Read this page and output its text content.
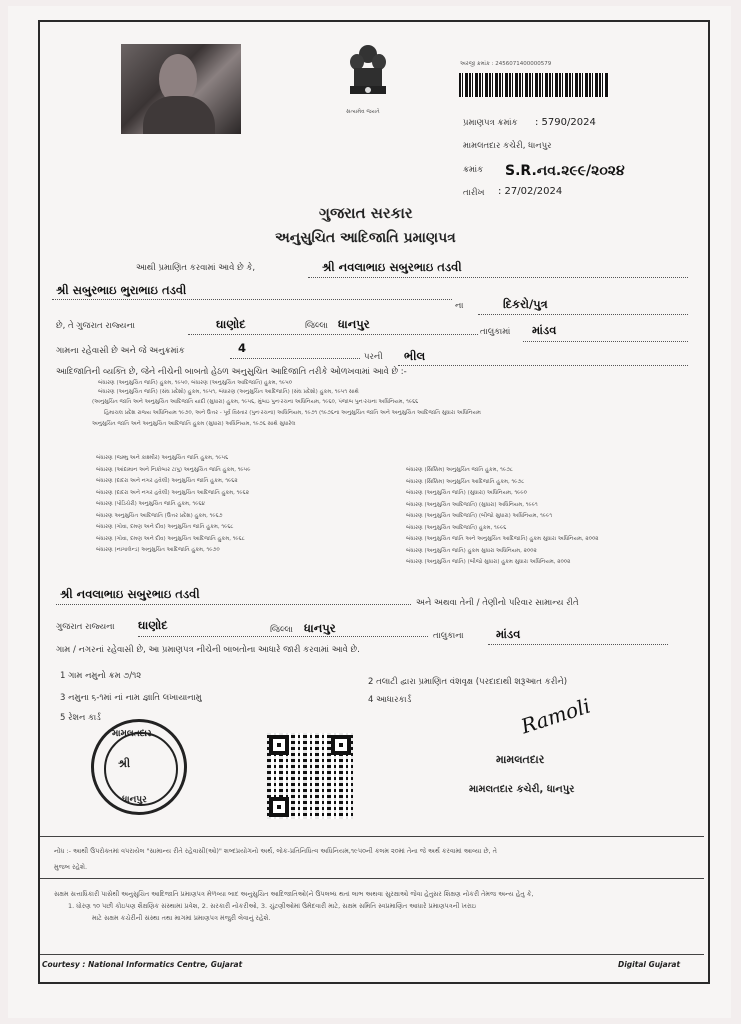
સત્યમેવ જયતે
અરજી ક્રમાંક : 2456071400000579
પ્રમાણપત્ર ક્રમાંક : 5790/2024
મામલતદાર કચેરી, ધાનપુર
ક્રમાંક S.R.નવ.૨૯૯/૨૦૨૪
તારીખ : 27/02/2024
ગુજરાત સરકાર
અનુસુચિત આદિજાતિ પ્રમાણપત્ર
આથી પ્રમાણિત કરવામાં આવે છે કે,	શ્રી નવલાભાઇ સબુરભાઇ તડવી
શ્રી સબુરભાઇ ભુરાભાઇ તડવી
ના	દિકરો/પુત્ર
છે, તે ગુજરાત રાજ્યના	ઘાણોદ	જિલ્લા ધાનપુર
તાલુકામાં માંડવ
ગામના રહેવાસી છે અને જે અનુક્રમાંક	4
પરની ભીલ
આદિજાતિની વ્યક્તિ છે, જેને નીચેની બાબતો હેઠળ અનુસુચિત આદિજાતિ તરીકે ઓળખવામાં આવે છે :-
બંધારણ (અનુસુચિત જાતિ) હુકમ, ૧૯૫૦, બંધારણ (અનુસુચિત આદિજાતિ) હુકમ, ૧૯૫૦
બંધારણ (અનુસુચિત જાતિ) (સંઘ પ્રદેશો) હુકમ, ૧૯૫૧, બંધારણ (અનુસુચિત આદિજાતિ) (સંઘ પ્રદેશો) હુકમ, ૧૯૫૧ સાથે
(અનુસુચિત જાતિ અને અનુસુચિત આદિજાતિ યાદી (સુધારા) હુકમ, ૧૯૫૬, મુંબઇ પુનઃરચના અધિનિયમ, ૧૯૬૦, પંજાબ પુનઃરચના અધિનિયમ, ૧૯૬૬
હિમાચલ પ્રદેશ રાજ્ય અધિનિયમ ૧૯૭૦, અને ઉત્તર - પૂર્વ વિસ્તાર (પુનઃરચના) અધિનિયમ, ૧૯૭૧ (૧૯૭૬ના અનુસુચિત જાતિ અને અનુસુચિત આદિજાતિ સુધારા અધિનિયમ
અનુસુચિત જાતિ અને અનુસુચિત આદિજાતિ હુકમ (સુધારા) અધિનિયમ, ૧૯૭૬ સાથે સુધારેલ
બંધારણ (જમ્મુ અને કાશ્મીર) અનુસુચિત જાતિ હુકમ, ૧૯૫૬
બંધારણ (આંદામાન અને નિકોબાર ટાપુ) અનુસુચિત જાતિ હુકમ, ૧૯૫૯
બંધારણ (દાદરા અને નગર હવેલી) અનુસુચિત જાતિ હુકમ, ૧૯૬૨
બંધારણ (દાદરા અને નગર હવેલી) અનુસુચિત આદિજાતિ હુકમ, ૧૯૬૨
બંધારણ (પોંડિચેરી) અનુસુચિત જાતિ હુકમ, ૧૯૬૪
બંધારણ અનુસુચિત આદિજાતિ (ઉત્તર પ્રદેશ) હુકમ, ૧૯૬૭
બંધારણ (ગોવા, દમણ અને દીવ) અનુસુચિત જાતિ હુકમ, ૧૯૬૮
બંધારણ (ગોવા, દમણ અને દીવ) અનુસુચિત આદિજાતિ હુકમ, ૧૯૬૮
બંધારણ (નાગાલેન્ડ) અનુસુચિત આદિજાતિ હુકમ, ૧૯૭૦
બંધારણ (સિક્કિમ) અનુસુચિત જાતિ હુકમ, ૧૯૭૮
બંધારણ (સિક્કિમ) અનુસુચિત આદિજાતિ હુકમ, ૧૯૭૮
બંધારણ (અનુસુચિત જાતિ) (સુધારા) અધિનિયમ, ૧૯૯૦
બંધારણ (અનુસુચિત આદિજાતિ) (સુધારા) અધિનિયમ, ૧૯૯૧
બંધારણ (અનુસુચિત આદિજાતિ) (બીજો સુધારા) અધિનિયમ, ૧૯૯૧
બંધારણ (અનુસુચિત આદિજાતિ) હુકમ, ૧૯૯૬
બંધારણ (અનુસુચિત જાતિ અને અનુસુચિત આદિજાતિ) હુકમ સુધારા અધિનિયમ, ૨૦૦૨
બંધારણ (અનુસુચિત જાતિ) હુકમ સુધારા અધિનિયમ, ૨૦૦૨
બંધારણ (અનુસુચિત જાતિ) (બીજો સુધારા) હુકમ સુધારા અધિનિયમ, ૨૦૦૨
શ્રી નવલાભાઇ સબુરભાઇ તડવી
અને અથવા તેની / તેણીનો પરિવાર સામાન્ય રીતે
ગુજરાત રાજ્યના ઘાણોદ	જિલ્લા ધાનપુર
તાલુકાના	માંડવ
ગામ / નગરનાં રહેવાસી છે, આ પ્રમાણપત્ર નીચેની બાબતોના આધારે જારી કરવામાં આવે છે.
1 ગામ નમુનો ક્રમ ૭/૧૨
2 તલાટી દ્વારા પ્રમાણિત વંશવૃક્ષ (પરદાદાથી શરૂઆત કરીને)
3 નમુના ૬-૧માં નાં નામ જ્ઞાતિ લખાયાનામુ	4 આધારકાર્ડ
5 રેશન કાર્ડ
મામલતદાર
શ્રી
ધાનપુર
Ramoli
મામલતદાર
મામલતદાર કચેરી, ધાનપુર
નોંધ :- આથી ઉપરોક્તમાં વપરાયેલ "સામાન્ય રીતે રહેવાસી(ઓ)" શબ્દપ્રયોગનો અર્થ, લોક-પ્રતિનિધિત્વ અધિનિયમ,૧૯૫૦ની કલમ ૨૦માં તેના જે અર્થ કરવામાં આવ્યા છે, તે
મુજબ રહેશે.
સક્ષમ સત્તાધિકારી પાસેથી અનુસુચિત આદિજાતિ પ્રમાણપત્ર મેળવ્યા બાદ અનુસુચિત આદિજાતિઓ(ને ઉપલબ્ધ થતાં લાભ અથવા સુરક્ષાઓ જેવા હેતુસર શિક્ષણ નોકરી તેમજ અન્ય હેતુ કે,
1. ધોરણ ૧૦ પછી કોઇપણ શૈક્ષણિક સંસ્થામાં પ્રવેશ, 2. સરકારી નોકરીઓ, 3. ચુંટણીઓમાં ઉમેદવારી માટે, સક્ષમ સમિતિ સ્વપ્રમાણિત આધારે પ્રમાણપત્રની ખરાઇ
માટે સક્ષમ કચેરીની સંસ્થા તથા માગમાં પ્રમાણપત્ર મંજુરી લેવાનું રહેશે.
Courtesy : National Informatics Centre, Gujarat	Digital Gujarat
